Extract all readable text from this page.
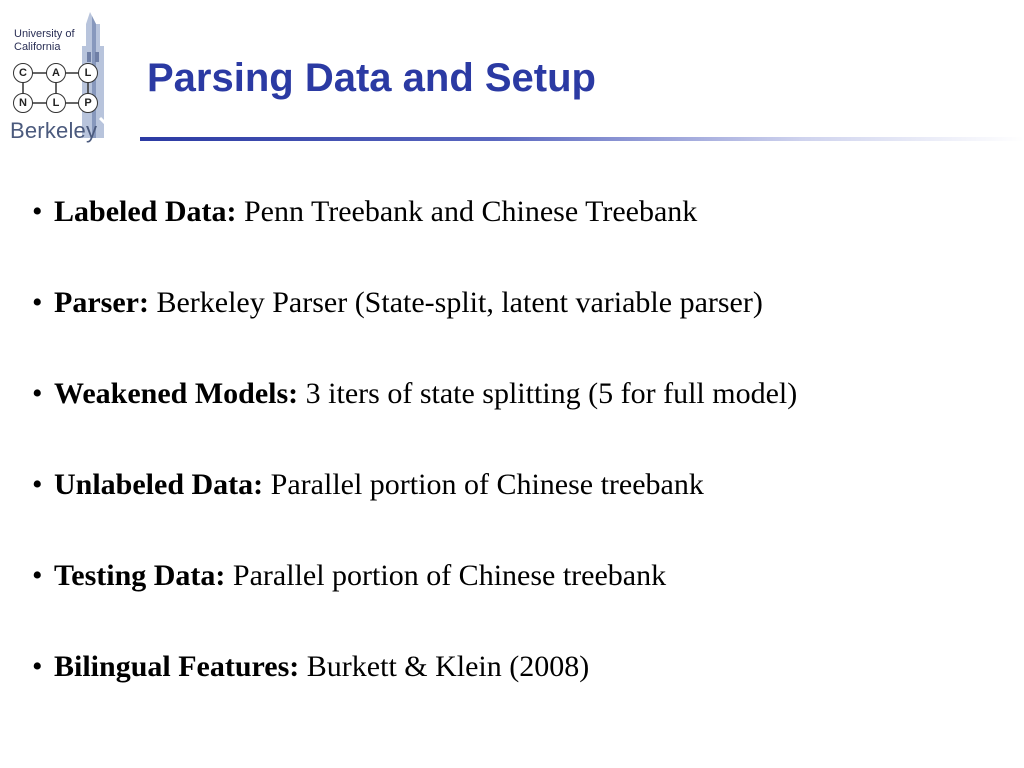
University of
California
C	A	L
N	L	P
Berkeley
Parsing Data and Setup
• Labeled Data: Penn Treebank and Chinese Treebank
• Parser: Berkeley Parser (State-split, latent variable parser)
• Weakened Models: 3 iters of state splitting (5 for full model)
• Unlabeled Data: Parallel portion of Chinese treebank
• Testing Data: Parallel portion of Chinese treebank
• Bilingual Features: Burkett & Klein (2008)
